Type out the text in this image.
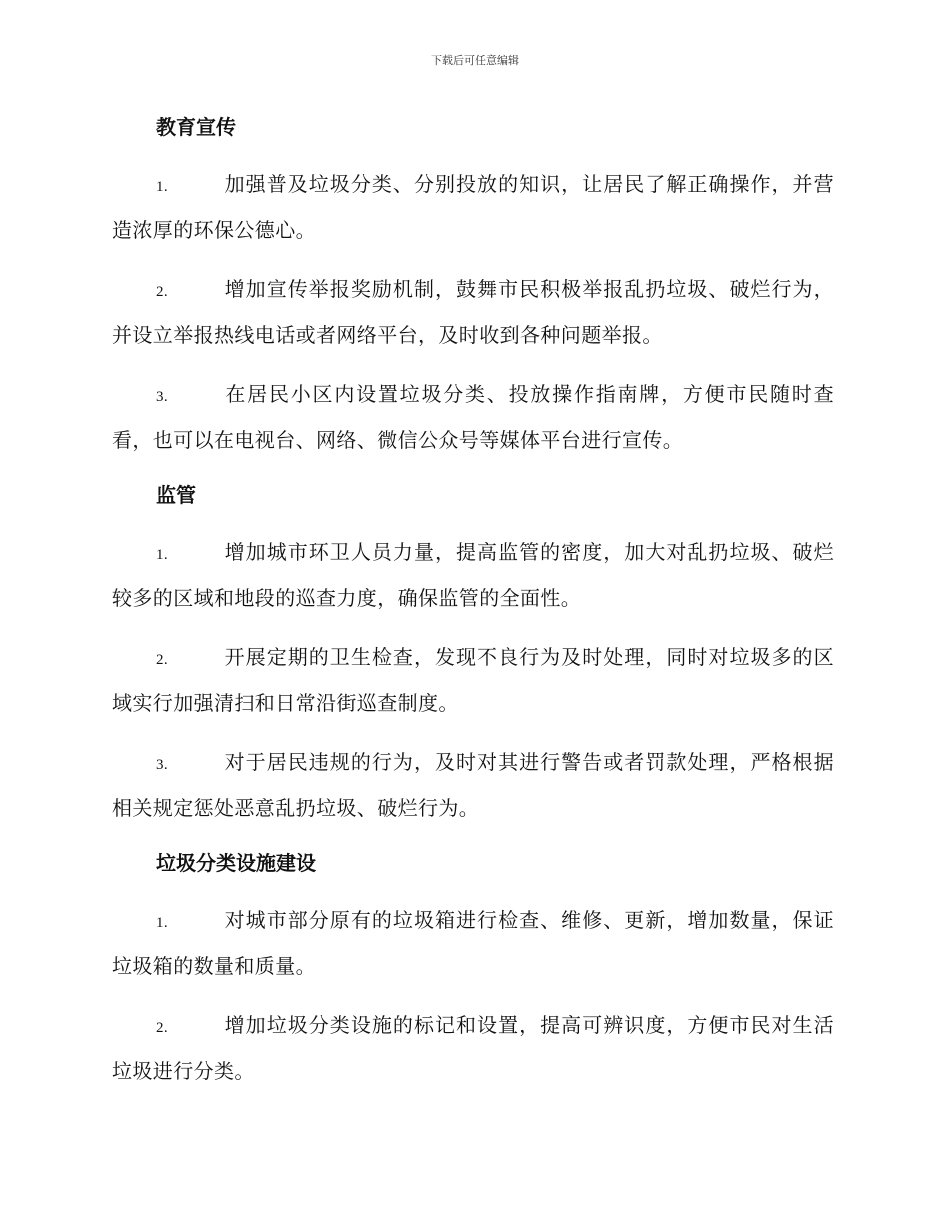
下载后可任意编辑
教育宣传

1.	加强普及垃圾分类、分别投放的知识，让居民了解正确操作，并营造浓厚的环保公德心。

2.	增加宣传举报奖励机制，鼓舞市民积极举报乱扔垃圾、破烂行为，并设立举报热线电话或者网络平台，及时收到各种问题举报。

3.	在居民小区内设置垃圾分类、投放操作指南牌，方便市民随时查看，也可以在电视台、网络、微信公众号等媒体平台进行宣传。

监管

1.	增加城市环卫人员力量，提高监管的密度，加大对乱扔垃圾、破烂较多的区域和地段的巡查力度，确保监管的全面性。

2.	开展定期的卫生检查，发现不良行为及时处理，同时对垃圾多的区域实行加强清扫和日常沿街巡查制度。

3.	对于居民违规的行为，及时对其进行警告或者罚款处理，严格根据相关规定惩处恶意乱扔垃圾、破烂行为。

垃圾分类设施建设

1.	对城市部分原有的垃圾箱进行检查、维修、更新，增加数量，保证垃圾箱的数量和质量。

2.	增加垃圾分类设施的标记和设置，提高可辨识度，方便市民对生活垃圾进行分类。
